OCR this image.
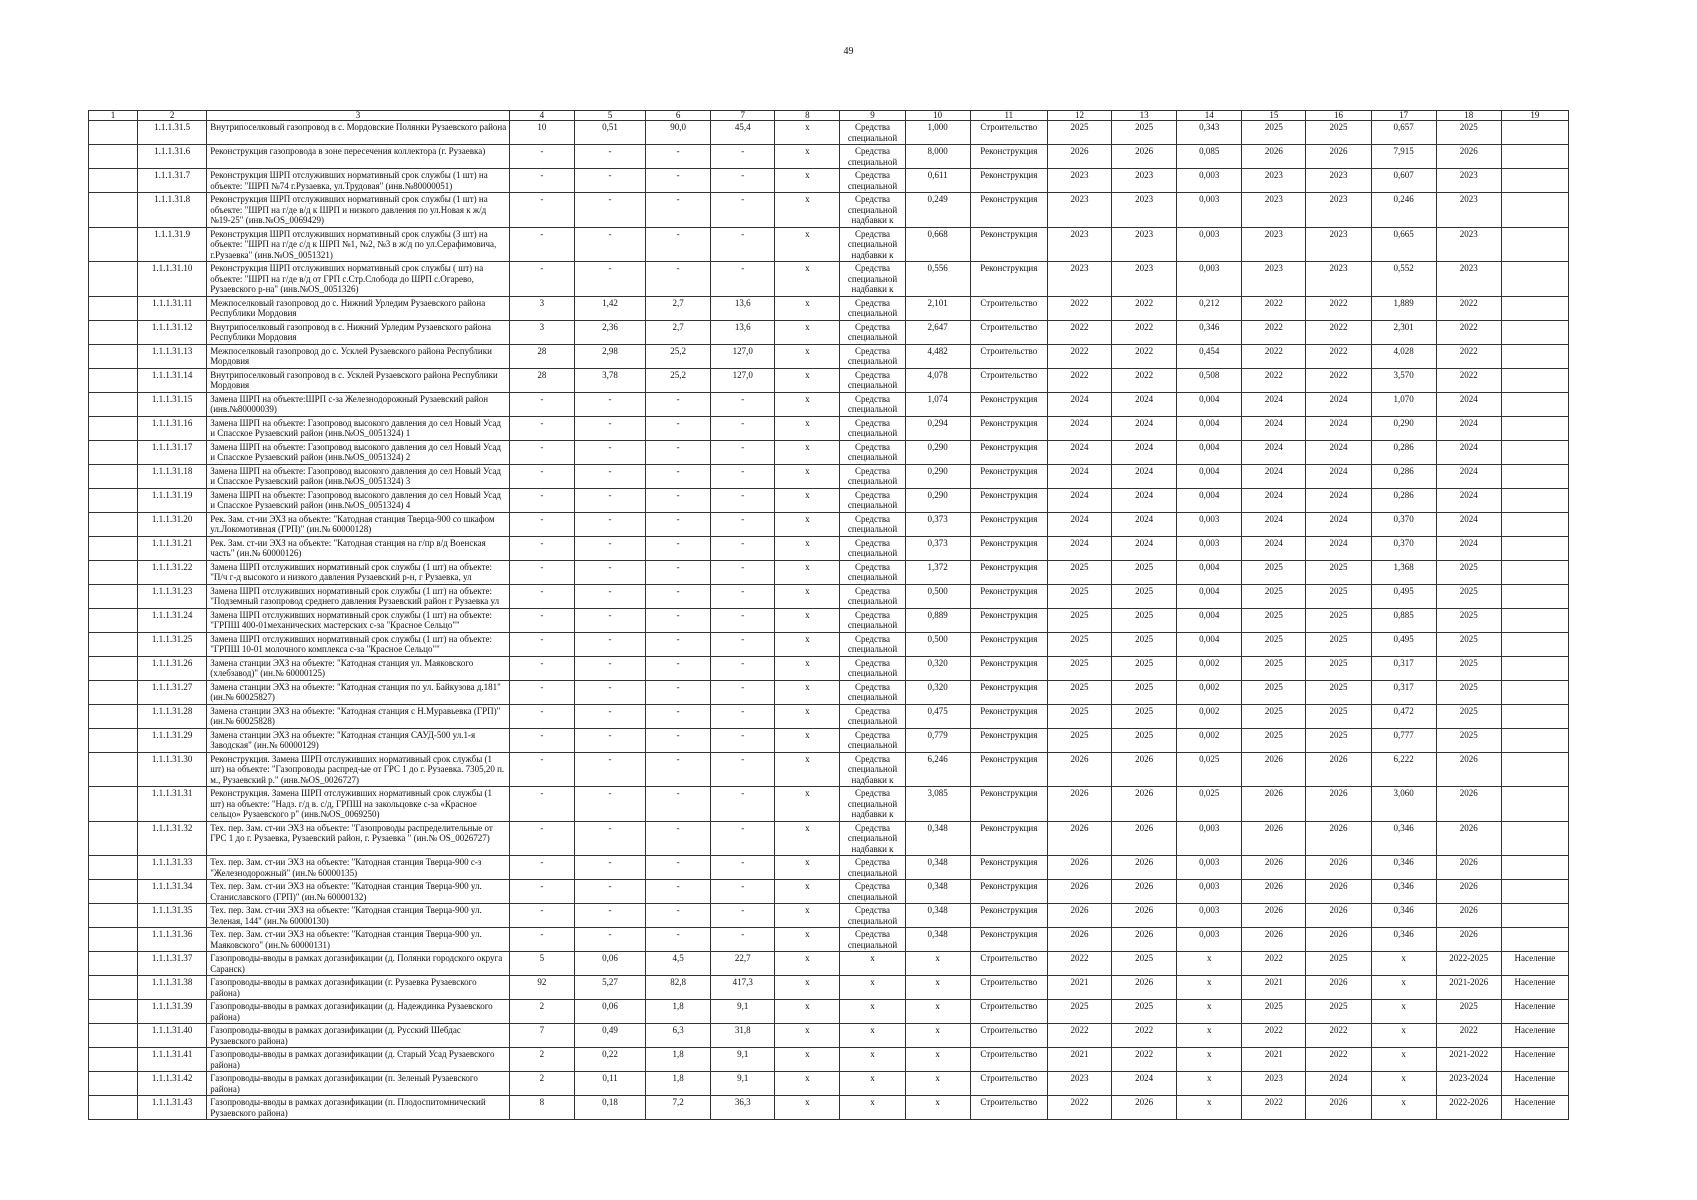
49
1	2	3	4	5	6	7	8	9	10	11	12	13	14	15	16	17	18	19
	1.1.1.31.5	Внутрипоселковый газопровод в с. Мордовские Полянки Рузаевского района	10	0,51	90,0	45,4	x	Средства
специальной	1,000	Строительство	2025	2025	0,343	2025	2025	0,657	2025	
	1.1.1.31.6	Реконструкция газопровода в зоне пересечения коллектора (г. Рузаевка)	-	-	-	-	x	Средства
специальной	8,000	Реконструкция	2026	2026	0,085	2026	2026	7,915	2026	
	1.1.1.31.7	Реконструкция ШРП отслуживших нормативный срок службы (1 шт) на
объекте: "ШРП №74 г.Рузаевка, ул.Трудовая" (инв.№80000051)	-	-	-	-	x	Средства
специальной	0,611	Реконструкция	2023	2023	0,003	2023	2023	0,607	2023	
	1.1.1.31.8	Реконструкция ШРП отслуживших нормативный срок службы (1 шт) на
объекте: "ШРП на г/де в/д к ШРП и низкого давления по ул.Новая к ж/д
№19-25" (инв.№OS_0069429)	-	-	-	-	x	Средства
специальной
надбавки к	0,249	Реконструкция	2023	2023	0,003	2023	2023	0,246	2023	
	1.1.1.31.9	Реконструкция ШРП отслуживших нормативный срок службы (3 шт) на
объекте: "ШРП на г/де с/д к ШРП №1, №2, №3 в ж/д по ул.Серафимовича,
г.Рузаевка" (инв.№OS_0051321)	-	-	-	-	x	Средства
специальной
надбавки к	0,668	Реконструкция	2023	2023	0,003	2023	2023	0,665	2023	
	1.1.1.31.10	Реконструкция ШРП отслуживших нормативный срок службы ( шт) на
объекте: "ШРП на г/де в/д от ГРП с.Стр.Слобода до ШРП с.Огарево,
Рузаевского р-на" (инв.№OS_0051326)	-	-	-	-	x	Средства
специальной
надбавки к	0,556	Реконструкция	2023	2023	0,003	2023	2023	0,552	2023	
	1.1.1.31.11	Межпоселковый газопровод до с. Нижний Урледим Рузаевского района
Республики Мордовия	3	1,42	2,7	13,6	x	Средства
специальной	2,101	Строительство	2022	2022	0,212	2022	2022	1,889	2022	
	1.1.1.31.12	Внутрипоселковый газопровод в с. Нижний Урледим Рузаевского района
Республики Мордовия	3	2,36	2,7	13,6	x	Средства
специальной	2,647	Строительство	2022	2022	0,346	2022	2022	2,301	2022	
	1.1.1.31.13	Межпоселковый газопровод до с. Усклей Рузаевского района Республики
Мордовия	28	2,98	25,2	127,0	x	Средства
специальной	4,482	Строительство	2022	2022	0,454	2022	2022	4,028	2022	
	1.1.1.31.14	Внутрипоселковый газопровод в с. Усклей Рузаевского района Республики
Мордовия	28	3,78	25,2	127,0	x	Средства
специальной	4,078	Строительство	2022	2022	0,508	2022	2022	3,570	2022	
	1.1.1.31.15	Замена ШРП на объекте:ШРП с-за Железнодорожный Рузаевский район
(инв.№80000039)	-	-	-	-	x	Средства
специальной	1,074	Реконструкция	2024	2024	0,004	2024	2024	1,070	2024	
	1.1.1.31.16	Замена ШРП на объекте: Газопровод высокого давления до сел Новый Усад
и Спасское Рузаевский район (инв.№OS_0051324) 1	-	-	-	-	x	Средства
специальной	0,294	Реконструкция	2024	2024	0,004	2024	2024	0,290	2024	
	1.1.1.31.17	Замена ШРП на объекте: Газопровод высокого давления до сел Новый Усад
и Спасское Рузаевский район (инв.№OS_0051324) 2	-	-	-	-	x	Средства
специальной	0,290	Реконструкция	2024	2024	0,004	2024	2024	0,286	2024	
	1.1.1.31.18	Замена ШРП на объекте: Газопровод высокого давления до сел Новый Усад
и Спасское Рузаевский район (инв.№OS_0051324) 3	-	-	-	-	x	Средства
специальной	0,290	Реконструкция	2024	2024	0,004	2024	2024	0,286	2024	
	1.1.1.31.19	Замена ШРП на объекте: Газопровод высокого давления до сел Новый Усад
и Спасское Рузаевский район (инв.№OS_0051324) 4	-	-	-	-	x	Средства
специальной	0,290	Реконструкция	2024	2024	0,004	2024	2024	0,286	2024	
	1.1.1.31.20	Рек. Зам. ст-ии ЭХЗ на объекте: "Катодная станция Тверца-900 со шкафом
ул.Локомотивная (ГРП)" (ин.№ 60000128)	-	-	-	-	x	Средства
специальной	0,373	Реконструкция	2024	2024	0,003	2024	2024	0,370	2024	
	1.1.1.31.21	Рек. Зам. ст-ии ЭХЗ на объекте: "Катодная станция на г/пр в/д Военская
часть" (ин.№ 60000126)	-	-	-	-	x	Средства
специальной	0,373	Реконструкция	2024	2024	0,003	2024	2024	0,370	2024	
	1.1.1.31.22	Замена ШРП отслуживших нормативный срок службы (1 шт) на объекте:
"П/ч г-д высокого и низкого давления Рузаевский р-н, г Рузаевка, ул	-	-	-	-	x	Средства
специальной	1,372	Реконструкция	2025	2025	0,004	2025	2025	1,368	2025	
	1.1.1.31.23	Замена ШРП отслуживших нормативный срок службы (1 шт) на объекте:
"Подземный газопровод среднего давления Рузаевский район г Рузаевка ул	-	-	-	-	x	Средства
специальной	0,500	Реконструкция	2025	2025	0,004	2025	2025	0,495	2025	
	1.1.1.31.24	Замена ШРП отслуживших нормативный срок службы (1 шт) на объекте:
"ГРПШ 400-01механических мастерских с-за "Красное Сельцо""	-	-	-	-	x	Средства
специальной	0,889	Реконструкция	2025	2025	0,004	2025	2025	0,885	2025	
	1.1.1.31.25	Замена ШРП отслуживших нормативный срок службы (1 шт) на объекте:
"ГРПШ 10-01 молочного комплекса с-за "Красное Сельцо""	-	-	-	-	x	Средства
специальной	0,500	Реконструкция	2025	2025	0,004	2025	2025	0,495	2025	
	1.1.1.31.26	Замена станции ЭХЗ на объекте: "Катодная станция ул. Маяковского
(хлебзавод)" (ин.№ 60000125)	-	-	-	-	x	Средства
специальной	0,320	Реконструкция	2025	2025	0,002	2025	2025	0,317	2025	
	1.1.1.31.27	Замена станции ЭХЗ на объекте: "Катодная станция по ул. Байкузова д.181"
(ин.№ 60025827)	-	-	-	-	x	Средства
специальной	0,320	Реконструкция	2025	2025	0,002	2025	2025	0,317	2025	
	1.1.1.31.28	Замена станции ЭХЗ на объекте: "Катодная станция с Н.Муравьевка (ГРП)"
(ин.№ 60025828)	-	-	-	-	x	Средства
специальной	0,475	Реконструкция	2025	2025	0,002	2025	2025	0,472	2025	
	1.1.1.31.29	Замена станции ЭХЗ на объекте: "Катодная станция САУД-500 ул.1-я
Заводская" (ин.№ 60000129)	-	-	-	-	x	Средства
специальной	0,779	Реконструкция	2025	2025	0,002	2025	2025	0,777	2025	
	1.1.1.31.30	Реконструкция. Замена ШРП отслуживших нормативный срок службы (1
шт) на объекте: "Газопроводы распред-ые от ГРС 1 до г. Рузаевка. 7305,20 п.
м., Рузаевский р." (инв.№OS_0026727)	-	-	-	-	x	Средства
специальной
надбавки к	6,246	Реконструкция	2026	2026	0,025	2026	2026	6,222	2026	
	1.1.1.31.31	Реконструкция. Замена ШРП отслуживших нормативный срок службы (1
шт) на объекте: "Надз. г/д в. с/д, ГРПШ на закольцовке с-за «Красное
сельцо» Рузаевского р" (инв.№OS_0069250)	-	-	-	-	x	Средства
специальной
надбавки к	3,085	Реконструкция	2026	2026	0,025	2026	2026	3,060	2026	
	1.1.1.31.32	Тех. пер. Зам. ст-ии ЭХЗ на объекте: "Газопроводы распределительные от
ГРС 1 до г. Рузаевка, Рузаевский район, г. Рузаевка " (ин.№ OS_0026727)	-	-	-	-	x	Средства
специальной
надбавки к	0,348	Реконструкция	2026	2026	0,003	2026	2026	0,346	2026	
	1.1.1.31.33	Тех. пер. Зам. ст-ии ЭХЗ на объекте: "Катодная станция Тверца-900 с-з
"Железнодорожный" (ин.№ 60000135)	-	-	-	-	x	Средства
специальной	0,348	Реконструкция	2026	2026	0,003	2026	2026	0,346	2026	
	1.1.1.31.34	Тех. пер. Зам. ст-ии ЭХЗ на объекте: "Катодная станция Тверца-900 ул.
Станиславского (ГРП)" (ин.№ 60000132)	-	-	-	-	x	Средства
специальной	0,348	Реконструкция	2026	2026	0,003	2026	2026	0,346	2026	
	1.1.1.31.35	Тех. пер. Зам. ст-ии ЭХЗ на объекте: "Катодная станция Тверца-900 ул.
Зеленая, 144" (ин.№ 60000130)	-	-	-	-	x	Средства
специальной	0,348	Реконструкция	2026	2026	0,003	2026	2026	0,346	2026	
	1.1.1.31.36	Тех. пер. Зам. ст-ии ЭХЗ на объекте: "Катодная станция Тверца-900 ул.
Маяковского" (ин.№ 60000131)	-	-	-	-	x	Средства
специальной	0,348	Реконструкция	2026	2026	0,003	2026	2026	0,346	2026	
	1.1.1.31.37	Газопроводы-вводы в рамках догазификации (д. Полянки городского округа
Саранск)	5	0,06	4,5	22,7	x	x	x	Строительство	2022	2025	x	2022	2025	x	2022-2025	Население
	1.1.1.31.38	Газопроводы-вводы в рамках догазификации (г. Рузаевка Рузаевского
района)	92	5,27	82,8	417,3	x	x	x	Строительство	2021	2026	x	2021	2026	x	2021-2026	Население
	1.1.1.31.39	Газопроводы-вводы в рамках догазификации (д. Надеждинка Рузаевского
района)	2	0,06	1,8	9,1	x	x	x	Строительство	2025	2025	x	2025	2025	x	2025	Население
	1.1.1.31.40	Газопроводы-вводы в рамках догазификации (д. Русский Шебдас
Рузаевского района)	7	0,49	6,3	31,8	x	x	x	Строительство	2022	2022	x	2022	2022	x	2022	Население
	1.1.1.31.41	Газопроводы-вводы в рамках догазификации (д. Старый Усад Рузаевского
района)	2	0,22	1,8	9,1	x	x	x	Строительство	2021	2022	x	2021	2022	x	2021-2022	Население
	1.1.1.31.42	Газопроводы-вводы в рамках догазификации (п. Зеленый Рузаевского
района)	2	0,11	1,8	9,1	x	x	x	Строительство	2023	2024	x	2023	2024	x	2023-2024	Население
	1.1.1.31.43	Газопроводы-вводы в рамках догазификации (п. Плодоспитомнический
Рузаевского района)	8	0,18	7,2	36,3	x	x	x	Строительство	2022	2026	x	2022	2026	x	2022-2026	Население
